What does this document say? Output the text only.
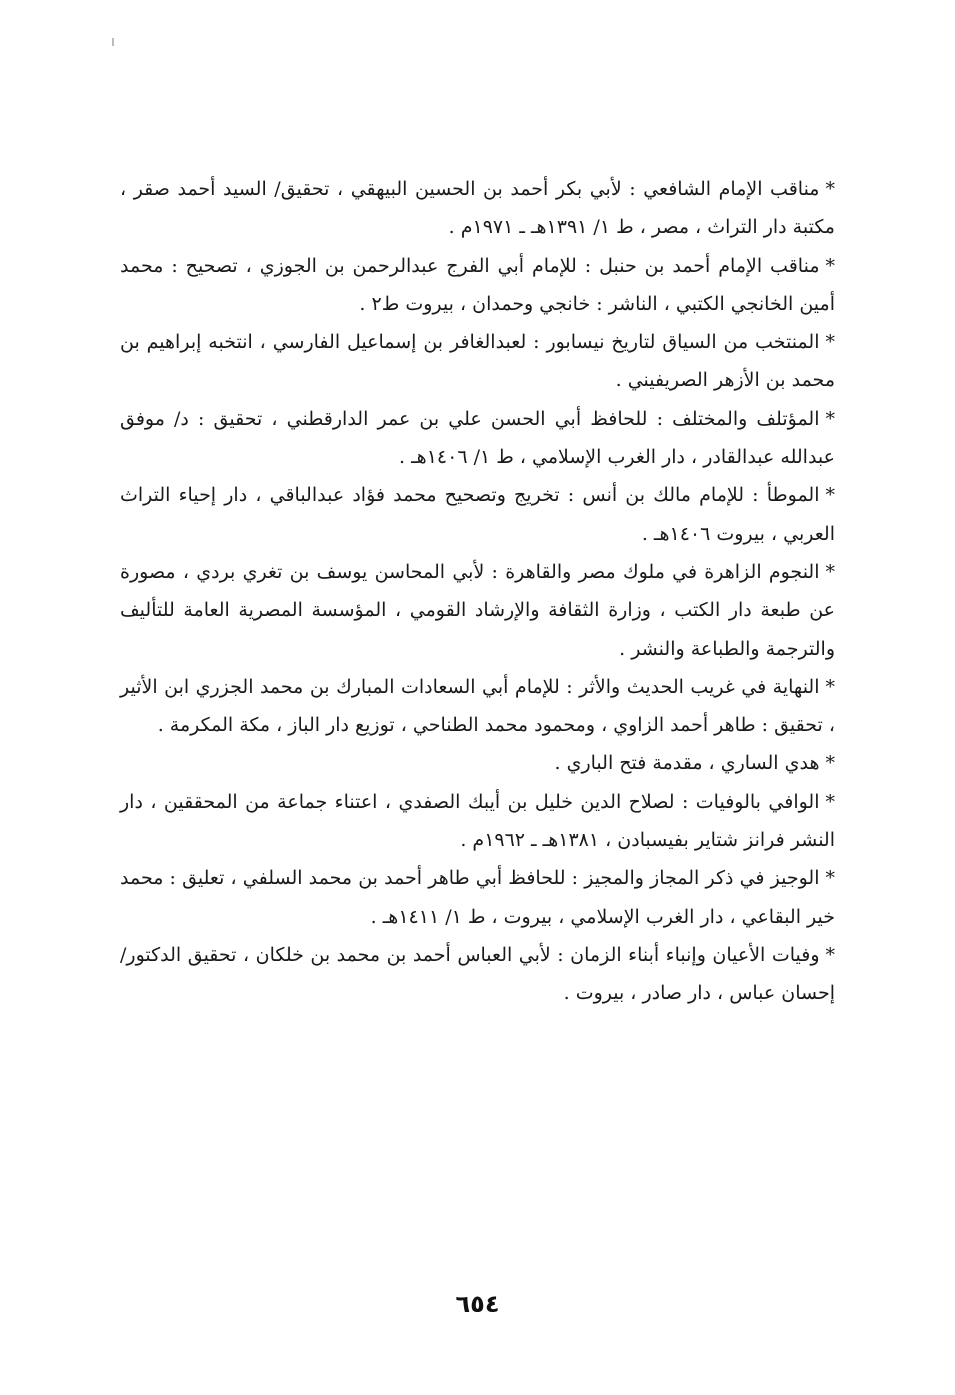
*مناقب الإمام الشافعي : لأبي بكر أحمد بن الحسين البيهقي ، تحقيق/ السيد أحمد صقر ، مكتبة دار التراث ، مصر ، ط ١/ ١٣٩١هـ ـ ١٩٧١م .

*مناقب الإمام أحمد بن حنبل : للإمام أبي الفرج عبدالرحمن بن الجوزي ، تصحيح : محمد أمين الخانجي الكتبي ، الناشر : خانجي وحمدان ، بيروت ط٢ .

*المنتخب من السياق لتاريخ نيسابور : لعبدالغافر بن إسماعيل الفارسي ، انتخبه إبراهيم بن محمد بن الأزهر الصريفيني .

*المؤتلف والمختلف : للحافظ أبي الحسن علي بن عمر الدارقطني ، تحقيق : د/ موفق عبدالله عبدالقادر ، دار الغرب الإسلامي ، ط ١/ ١٤٠٦هـ .

*الموطأ : للإمام مالك بن أنس : تخريج وتصحيح محمد فؤاد عبدالباقي ، دار إحياء التراث العربي ، بيروت ١٤٠٦هـ .

*النجوم الزاهرة في ملوك مصر والقاهرة : لأبي المحاسن يوسف بن تغري بردي ، مصورة عن طبعة دار الكتب ، وزارة الثقافة والإرشاد القومي ، المؤسسة المصرية العامة للتأليف والترجمة والطباعة والنشر .

*النهاية في غريب الحديث والأثر : للإمام أبي السعادات المبارك بن محمد الجزري ابن الأثير ، تحقيق : طاهر أحمد الزاوي ، ومحمود محمد الطناحي ، توزيع دار الباز ، مكة المكرمة .

*هدي الساري ، مقدمة فتح الباري .

*الوافي بالوفيات : لصلاح الدين خليل بن أيبك الصفدي ، اعتناء جماعة من المحققين ، دار النشر فرانز شتاير بفيسبادن ، ١٣٨١هـ ـ ١٩٦٢م .

*الوجيز في ذكر المجاز والمجيز : للحافظ أبي طاهر أحمد بن محمد السلفي ، تعليق : محمد خير البقاعي ، دار الغرب الإسلامي ، بيروت ، ط ١/ ١٤١١هـ .

*وفيات الأعيان وإنباء أبناء الزمان : لأبي العباس أحمد بن محمد بن خلكان ، تحقيق الدكتور/ إحسان عباس ، دار صادر ، بيروت .

٦٥٤
